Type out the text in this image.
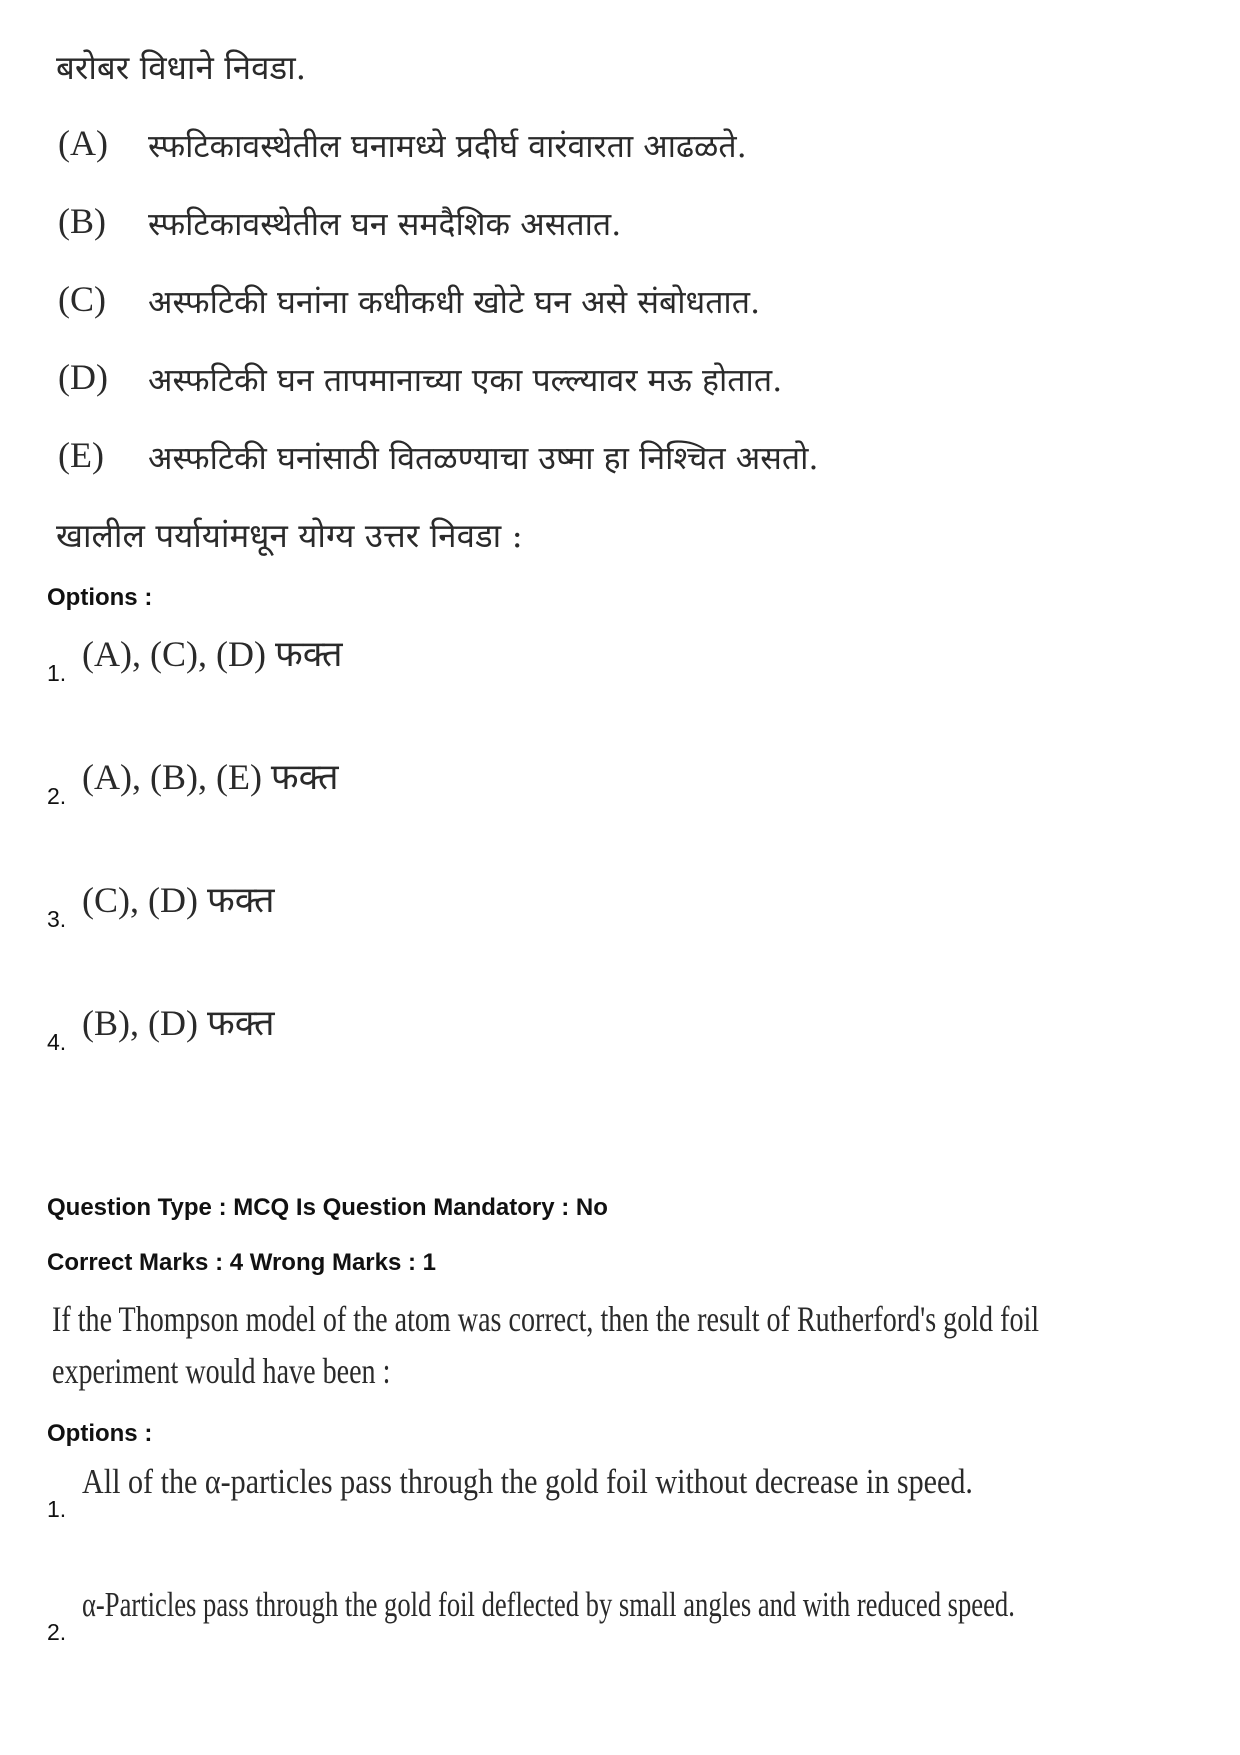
बरोबर विधाने निवडा.
(A) स्फटिकावस्थेतील घनामध्ये प्रदीर्घ वारंवारता आढळते.
(B) स्फटिकावस्थेतील घन समदैशिक असतात.
(C) अस्फटिकी घनांना कधीकधी खोटे घन असे संबोधतात.
(D) अस्फटिकी घन तापमानाच्या एका पल्ल्यावर मऊ होतात.
(E) अस्फटिकी घनांसाठी वितळण्याचा उष्मा हा निश्चित असतो.
खालील पर्यायांमधून योग्य उत्तर निवडा :
Options :
1. (A), (C), (D) फक्त
2. (A), (B), (E) फक्त
3. (C), (D) फक्त
4. (B), (D) फक्त
Question Type : MCQ Is Question Mandatory : No
Correct Marks : 4 Wrong Marks : 1
If the Thompson model of the atom was correct, then the result of Rutherford's gold foil
experiment would have been :
Options :
1.
All of the α-particles pass through the gold foil without decrease in speed.
2.
α-Particles pass through the gold foil deflected by small angles and with reduced speed.
